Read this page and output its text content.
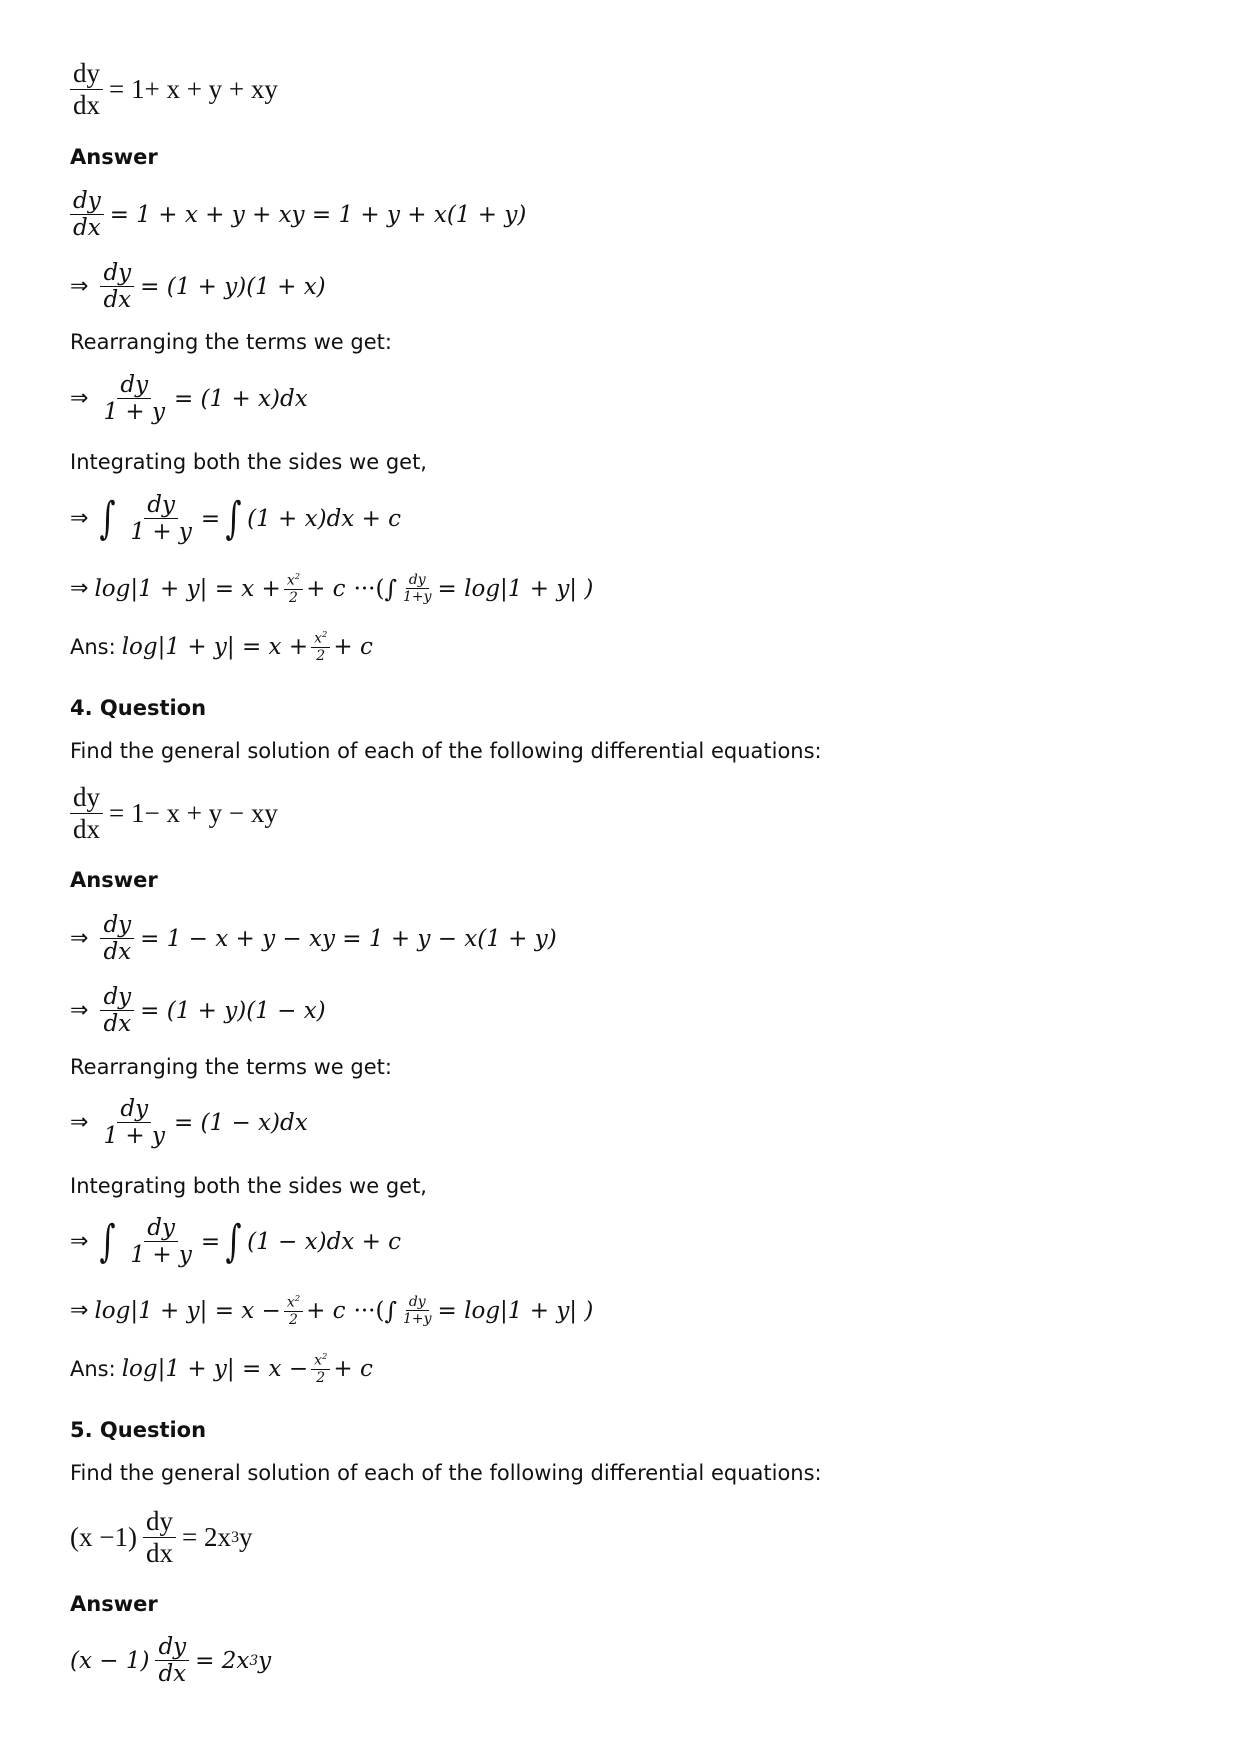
$\frac{dy}{dx} = 1+ x + y$ + xy
Answer
$\frac{dy}{dx} = 1 + x + y$ + xy = 1 + y + x(1 + y)
⇒ $\frac{dy}{dx} = (1 + y)(1 + x)$
Rearranging the terms we get:
⇒ $\frac{dy}{1 + y} = (1 + x)dx$
Integrating both the sides we get,
⇒ ∫ $\frac{dy}{1 + y}$ = ∫ (1 + x)dx + c
⇒ $\log|1 + y| = x + \frac{x^2}{2} + c$ ···( ∫ $\frac{dy}{1+y} = \log|1 + y|$ )
Ans: $\log|1 + y| = x + \frac{x^2}{2} + c$
4. Question
Find the general solution of each of the following differential equations:
$\frac{dy}{dx} = 1- x + y$ − xy
Answer
⇒ $\frac{dy}{dx} = 1 - x + y$ − xy = 1 + y − x(1 + y)
⇒ $\frac{dy}{dx} = (1 + y)(1 - x)$
Rearranging the terms we get:
⇒ $\frac{dy}{1 + y} = (1 - x)dx$
Integrating both the sides we get,
⇒ ∫ $\frac{dy}{1 + y}$ = ∫ (1 − x)dx + c
⇒ $\log|1 + y| = x - \frac{x^2}{2} + c$ ···( ∫ $\frac{dy}{1+y} = \log|1 + y|$ )
Ans: $\log|1 + y| = x - \frac{x^2}{2} + c$
5. Question
Find the general solution of each of the following differential equations:
$(x -1) \frac{dy}{dx} = 2x$ 3 y
Answer
$(x - 1) \frac{dy}{dx} = 2x$ 3 y
